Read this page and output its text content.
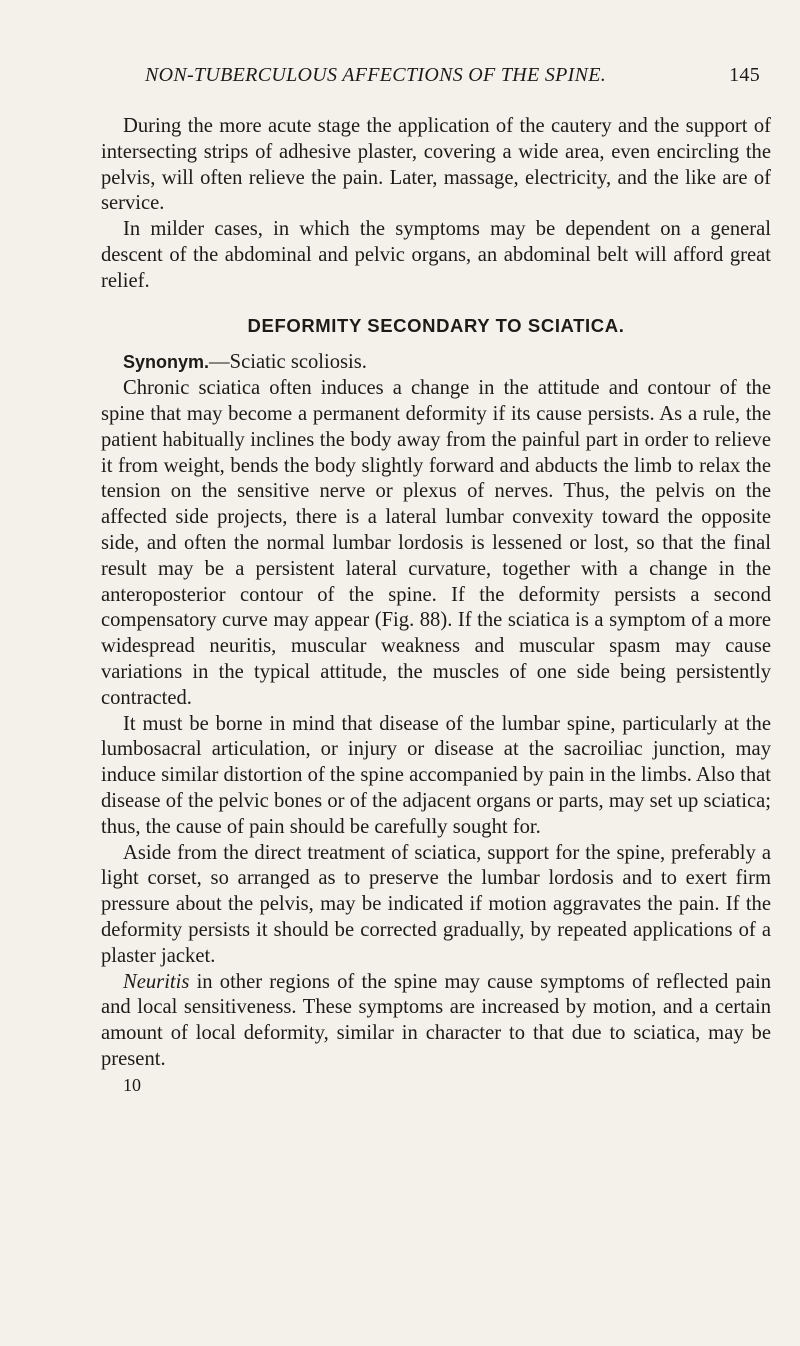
NON-TUBERCULOUS AFFECTIONS OF THE SPINE.	145

During the more acute stage the application of the cautery and the support of intersecting strips of adhesive plaster, covering a wide area, even encircling the pelvis, will often relieve the pain. Later, massage, electricity, and the like are of service.

In milder cases, in which the symptoms may be dependent on a general descent of the abdominal and pelvic organs, an abdominal belt will afford great relief.

DEFORMITY SECONDARY TO SCIATICA.

Synonym.—Sciatic scoliosis.

Chronic sciatica often induces a change in the attitude and contour of the spine that may become a permanent deformity if its cause persists. As a rule, the patient habitually inclines the body away from the painful part in order to relieve it from weight, bends the body slightly forward and abducts the limb to relax the tension on the sensitive nerve or plexus of nerves. Thus, the pelvis on the affected side projects, there is a lateral lumbar convexity toward the opposite side, and often the normal lumbar lordosis is lessened or lost, so that the final result may be a persistent lateral curvature, together with a change in the anteroposterior contour of the spine. If the deformity persists a second compensatory curve may appear (Fig. 88). If the sciatica is a symptom of a more widespread neuritis, muscular weakness and muscular spasm may cause variations in the typical attitude, the muscles of one side being persistently contracted.

It must be borne in mind that disease of the lumbar spine, particularly at the lumbosacral articulation, or injury or disease at the sacroiliac junction, may induce similar distortion of the spine accompanied by pain in the limbs. Also that disease of the pelvic bones or of the adjacent organs or parts, may set up sciatica; thus, the cause of pain should be carefully sought for.

Aside from the direct treatment of sciatica, support for the spine, preferably a light corset, so arranged as to preserve the lumbar lordosis and to exert firm pressure about the pelvis, may be indicated if motion aggravates the pain. If the deformity persists it should be corrected gradually, by repeated applications of a plaster jacket.

Neuritis in other regions of the spine may cause symptoms of reflected pain and local sensitiveness. These symptoms are increased by motion, and a certain amount of local deformity, similar in character to that due to sciatica, may be present.

10
